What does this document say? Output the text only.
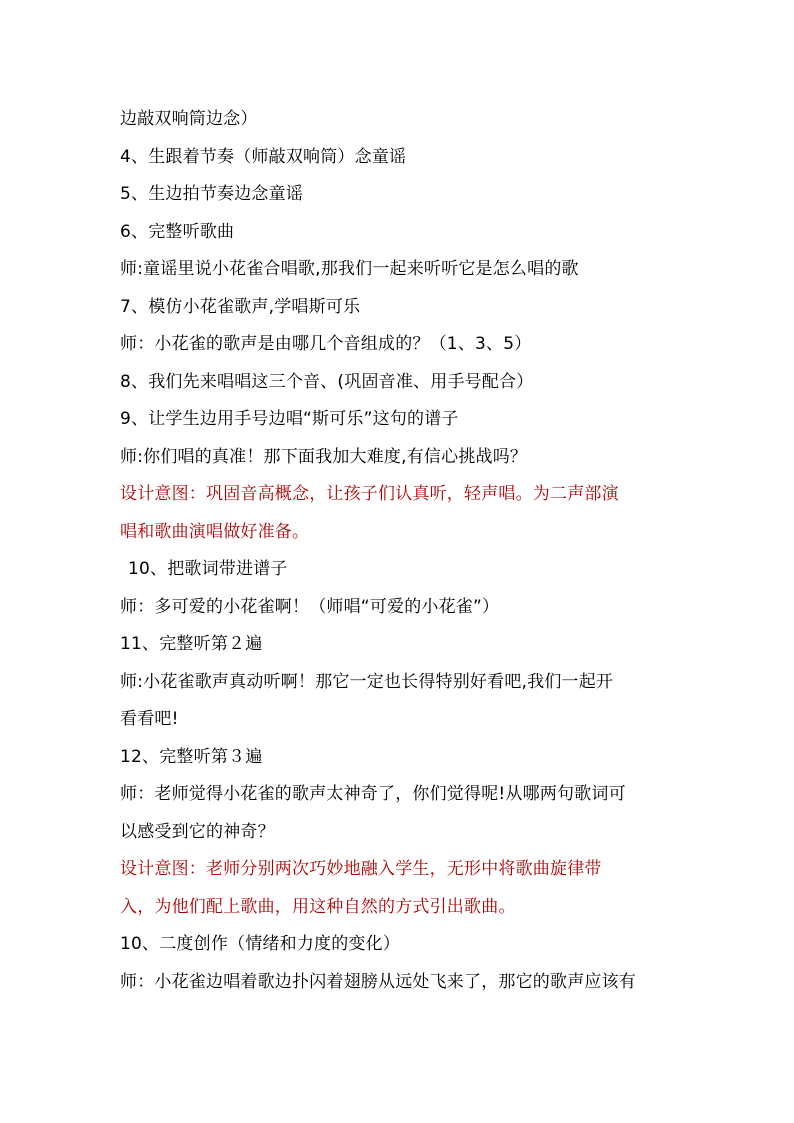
边敲双响筒边念）
4、生跟着节奏（师敲双响筒）念童谣
5、生边拍节奏边念童谣
6、完整听歌曲
师:童谣里说小花雀合唱歌,那我们一起来听听它是怎么唱的歌
7、模仿小花雀歌声,学唱斯可乐
师：小花雀的歌声是由哪几个音组成的？（1、3、5）
8、我们先来唱唱这三个音、(巩固音准、用手号配合）
9、让学生边用手号边唱“斯可乐”这句的谱子
师:你们唱的真准！那下面我加大难度,有信心挑战吗？
设计意图：巩固音高概念，让孩子们认真听，轻声唱。为二声部演
唱和歌曲演唱做好准备。
10、把歌词带进谱子
师：多可爱的小花雀啊！（师唱“可爱的小花雀”）
11、完整听第２遍
师:小花雀歌声真动听啊！那它一定也长得特别好看吧,我们一起开
看看吧!
12、完整听第３遍
师：老师觉得小花雀的歌声太神奇了，你们觉得呢!从哪两句歌词可
以感受到它的神奇？
设计意图：老师分别两次巧妙地融入学生，无形中将歌曲旋律带
入，为他们配上歌曲，用这种自然的方式引出歌曲。
10、二度创作（情绪和力度的变化）
师：小花雀边唱着歌边扑闪着翅膀从远处飞来了，那它的歌声应该有
